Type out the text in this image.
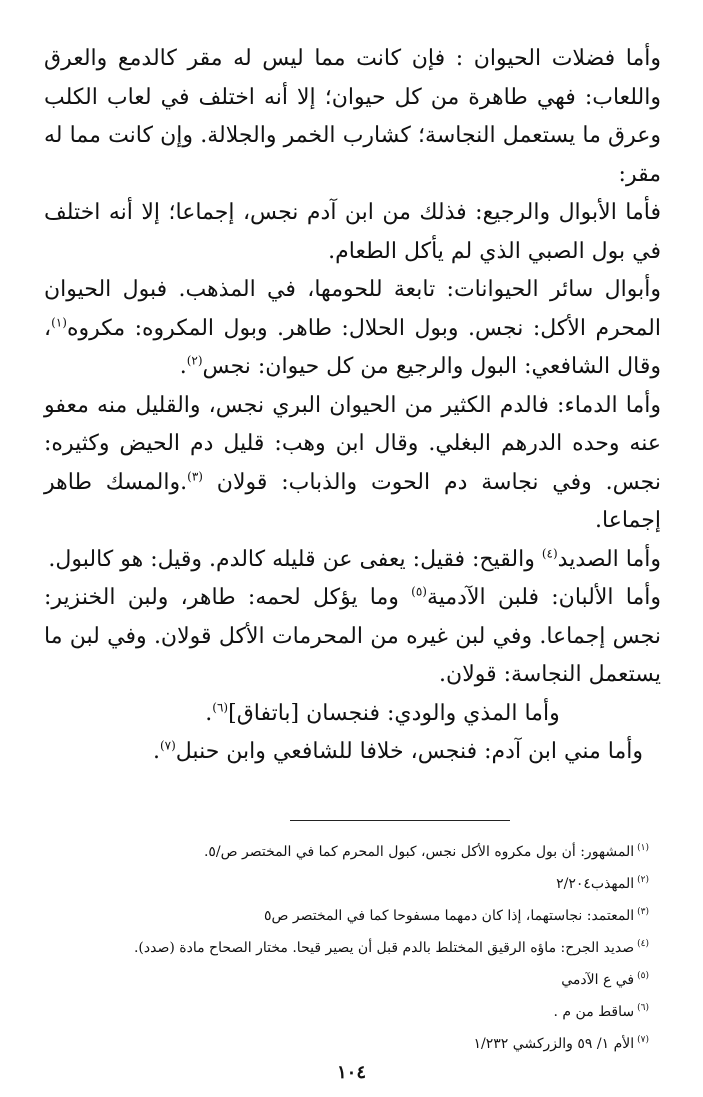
وأما فضلات الحيوان : فإن كانت مما ليس له مقر كالدمع والعرق واللعاب: فهي طاهرة من كل حيوان؛ إلا أنه اختلف في لعاب الكلب وعرق ما يستعمل النجاسة؛ كشارب الخمر والجلالة. وإن كانت مما له مقر:

فأما الأبوال والرجيع: فذلك من ابن آدم نجس، إجماعا؛ إلا أنه اختلف في بول الصبي الذي لم يأكل الطعام.

وأبوال سائر الحيوانات: تابعة للحومها، في المذهب. فبول الحيوان المحرم الأكل: نجس. وبول الحلال: طاهر. وبول المكروه: مكروه$^{(١)}$، وقال الشافعي: البول والرجيع من كل حيوان: نجس$^{(٢)}$.

وأما الدماء: فالدم الكثير من الحيوان البري نجس، والقليل منه معفو عنه وحده الدرهم البغلي. وقال ابن وهب: قليل دم الحيض وكثيره: نجس. وفي نجاسة دم الحوت والذباب: قولان $^{(٣)}$.والمسك طاهر إجماعا.

وأما الصديد$^{(٤)}$ والقيح: فقيل: يعفى عن قليله كالدم. وقيل: هو كالبول.

وأما الألبان: فلبن الآدمية$^{(٥)}$ وما يؤكل لحمه: طاهر، ولبن الخنزير: نجس إجماعا. وفي لبن غيره من المحرمات الأكل قولان. وفي لبن ما يستعمل النجاسة: قولان.

وأما المذي والودي: فنجسان [باتفاق]$^{(٦)}$.

وأما مني ابن آدم: فنجس، خلافا للشافعي وابن حنبل$^{(٧)}$.

$^{(١)}$المشهور: أن بول مكروه الأكل نجس، كبول المحرم كما في المختصر ص/٥.

$^{(٢)}$المهذب٢/٢٠٤

$^{(٣)}$المعتمد: نجاستهما، إذا كان دمهما مسفوحا كما في المختصر ص٥

$^{(٤)}$صديد الجرح: ماؤه الرقيق المختلط بالدم قبل أن يصير قيحا. مختار الصحاح مادة (صدد).

$^{(٥)}$في ع الآدمي

$^{(٦)}$ساقط من م .

$^{(٧)}$الأم ١/ ٥٩ والزركشي ١/٢٣٢

١٠٤
